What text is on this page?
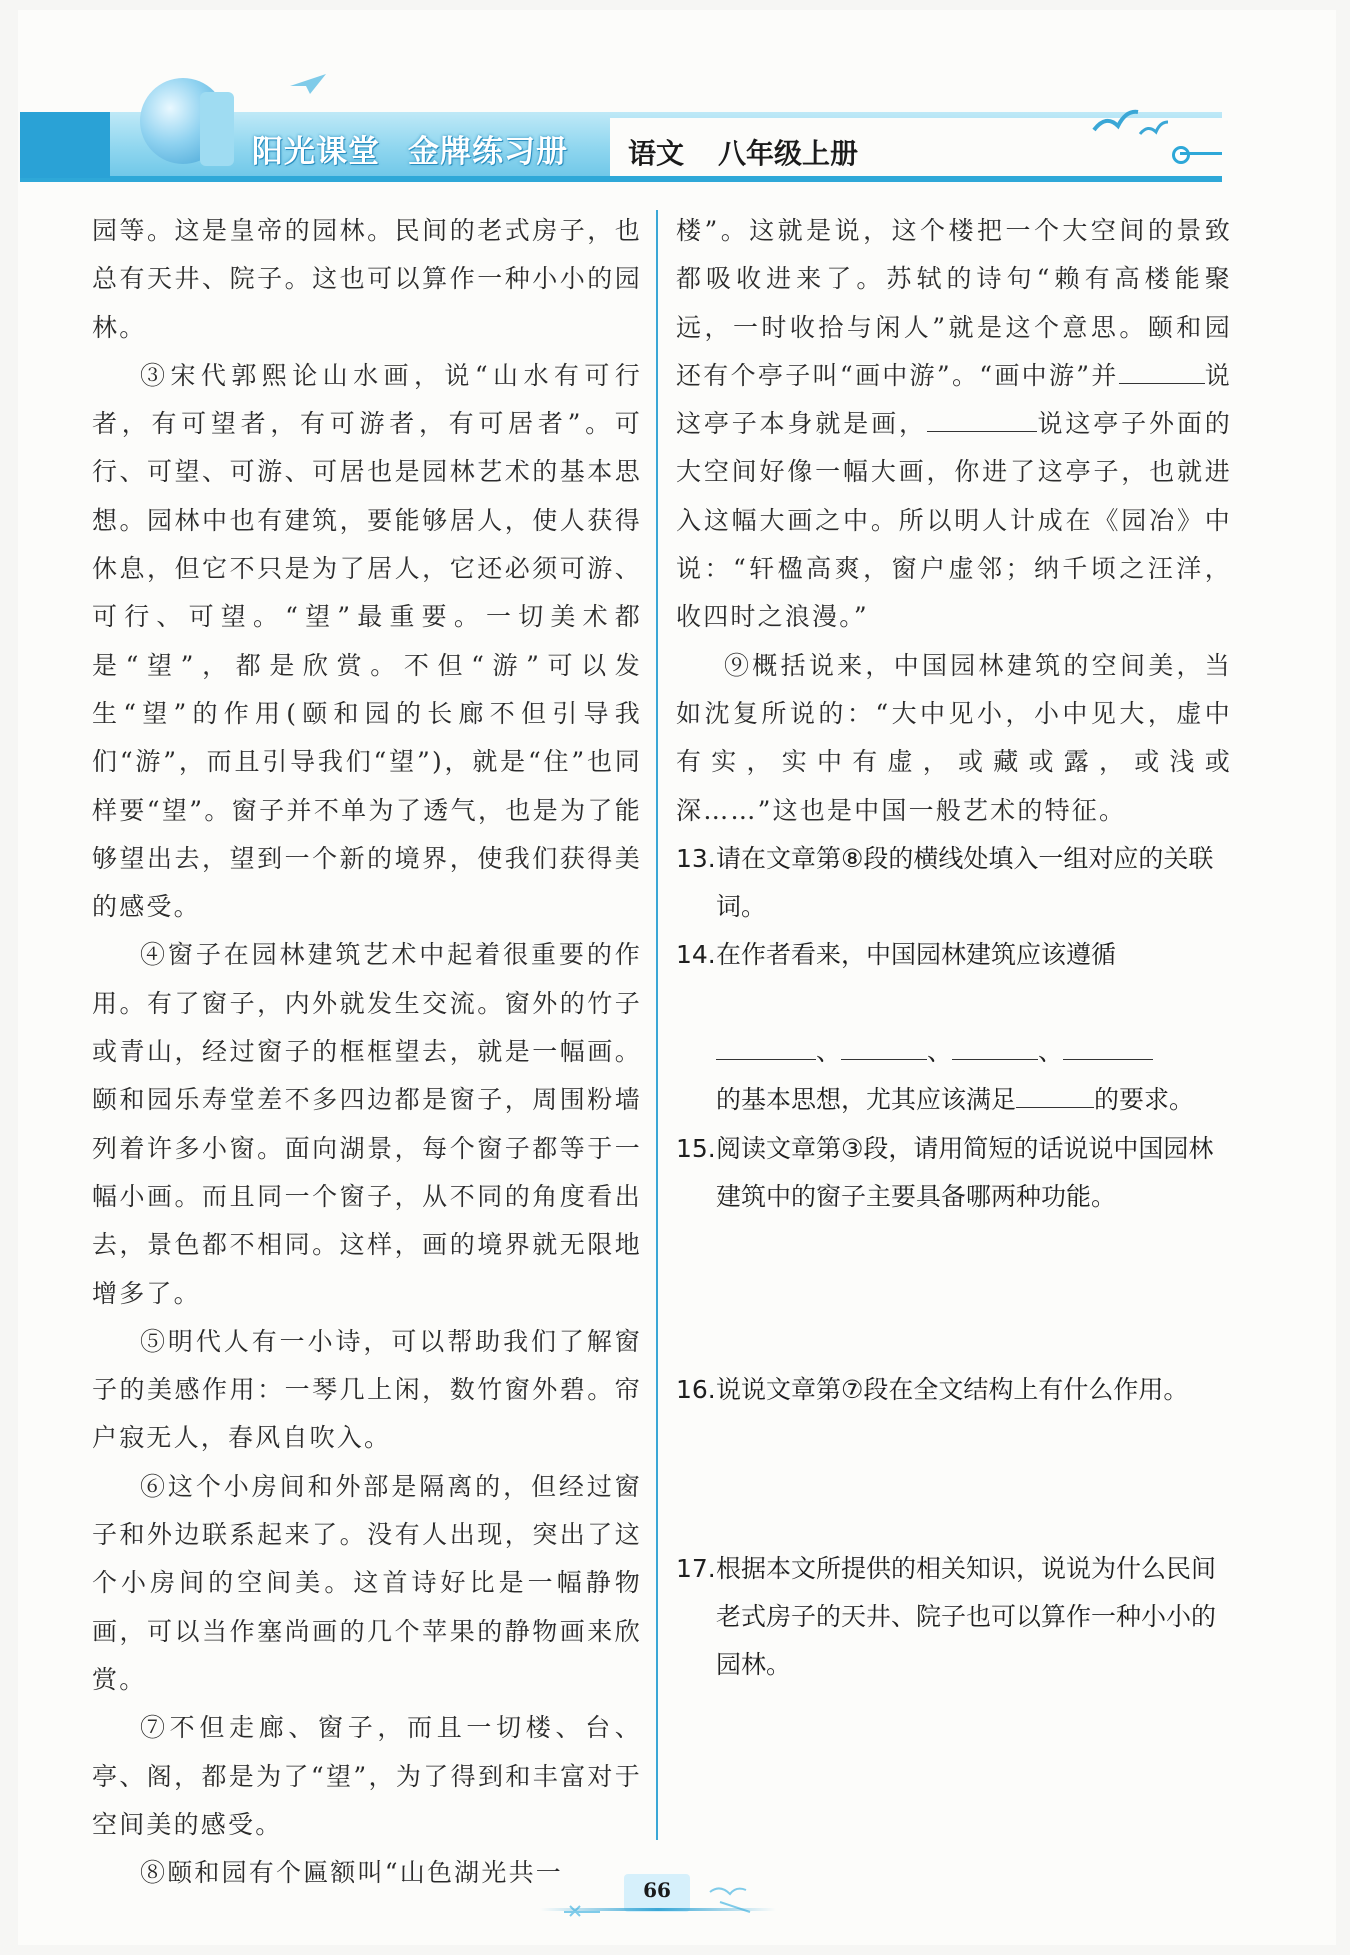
阳光课堂 金牌练习册 语文 八年级上册

园等。这是皇帝的园林。民间的老式房子，也总有天井、院子。这也可以算作一种小小的园林。

③宋代郭熙论山水画，说“山水有可行者，有可望者，有可游者，有可居者”。可行、可望、可游、可居也是园林艺术的基本思想。园林中也有建筑，要能够居人，使人获得休息，但它不只是为了居人，它还必须可游、可行、可望。“望”最重要。一切美术都是“望”，都是欣赏。不但“游”可以发生“望”的作用(颐和园的长廊不但引导我们“游”，而且引导我们“望”)，就是“住”也同样要“望”。窗子并不单为了透气，也是为了能够望出去，望到一个新的境界，使我们获得美的感受。

④窗子在园林建筑艺术中起着很重要的作用。有了窗子，内外就发生交流。窗外的竹子或青山，经过窗子的框框望去，就是一幅画。颐和园乐寿堂差不多四边都是窗子，周围粉墙列着许多小窗。面向湖景，每个窗子都等于一幅小画。而且同一个窗子，从不同的角度看出去，景色都不相同。这样，画的境界就无限地增多了。

⑤明代人有一小诗，可以帮助我们了解窗子的美感作用：一琴几上闲，数竹窗外碧。帘户寂无人，春风自吹入。

⑥这个小房间和外部是隔离的，但经过窗子和外边联系起来了。没有人出现，突出了这个小房间的空间美。这首诗好比是一幅静物画，可以当作塞尚画的几个苹果的静物画来欣赏。

⑦不但走廊、窗子，而且一切楼、台、亭、阁，都是为了“望”，为了得到和丰富对于空间美的感受。

⑧颐和园有个匾额叫“山色湖光共一

楼”。这就是说，这个楼把一个大空间的景致都吸收进来了。苏轼的诗句“赖有高楼能聚远，一时收拾与闲人”就是这个意思。颐和园还有个亭子叫“画中游”。“画中游”并	说这亭子本身就是画，	说这亭子外面的大空间好像一幅大画，你进了这亭子，也就进入这幅大画之中。所以明人计成在《园冶》中说：“轩楹高爽，窗户虚邻；纳千顷之汪洋，收四时之浪漫。”

⑨概括说来，中国园林建筑的空间美，当如沈复所说的：“大中见小，小中见大，虚中有实，实中有虚，或藏或露，或浅或深……”这也是中国一般艺术的特征。

13. 请在文章第⑧段的横线处填入一组对应的关联词。
14. 在作者看来，中国园林建筑应该遵循

、	、	、
的基本思想，尤其应该满足	的要求。
15. 阅读文章第③段，请用简短的话说说中国园林建筑中的窗子主要具备哪两种功能。
16. 说说文章第⑦段在全文结构上有什么作用。
17. 根据本文所提供的相关知识，说说为什么民间老式房子的天井、院子也可以算作一种小小的园林。
66
